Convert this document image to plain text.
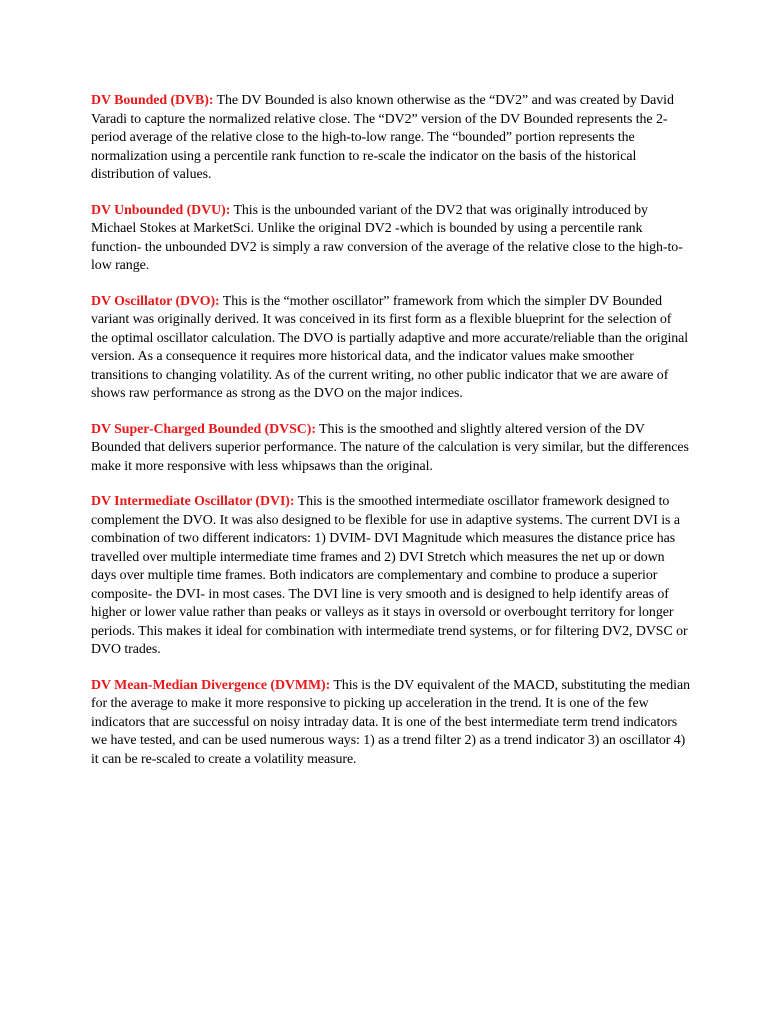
DV Bounded (DVB): The DV Bounded is also known otherwise as the “DV2” and was created by David Varadi to capture the normalized relative close. The “DV2” version of the DV Bounded represents the 2-period average of the relative close to the high-to-low range. The “bounded” portion represents the normalization using a percentile rank function to re-scale the indicator on the basis of the historical distribution of values.

DV Unbounded (DVU): This is the unbounded variant of the DV2 that was originally introduced by Michael Stokes at MarketSci. Unlike the original DV2 -which is bounded by using a percentile rank function- the unbounded DV2 is simply a raw conversion of the average of the relative close to the high-to-low range.

DV Oscillator (DVO): This is the “mother oscillator” framework from which the simpler DV Bounded variant was originally derived. It was conceived in its first form as a flexible blueprint for the selection of the optimal oscillator calculation. The DVO is partially adaptive and more accurate/reliable than the original version. As a consequence it requires more historical data, and the indicator values make smoother transitions to changing volatility. As of the current writing, no other public indicator that we are aware of shows raw performance as strong as the DVO on the major indices.

DV Super-Charged Bounded (DVSC): This is the smoothed and slightly altered version of the DV Bounded that delivers superior performance. The nature of the calculation is very similar, but the differences make it more responsive with less whipsaws than the original.

DV Intermediate Oscillator (DVI): This is the smoothed intermediate oscillator framework designed to complement the DVO. It was also designed to be flexible for use in adaptive systems. The current DVI is a combination of two different indicators: 1) DVIM- DVI Magnitude which measures the distance price has travelled over multiple intermediate time frames and 2) DVI Stretch which measures the net up or down days over multiple time frames. Both indicators are complementary and combine to produce a superior composite- the DVI- in most cases. The DVI line is very smooth and is designed to help identify areas of higher or lower value rather than peaks or valleys as it stays in oversold or overbought territory for longer periods. This makes it ideal for combination with intermediate trend systems, or for filtering DV2, DVSC or DVO trades.

DV Mean-Median Divergence (DVMM): This is the DV equivalent of the MACD, substituting the median for the average to make it more responsive to picking up acceleration in the trend. It is one of the few indicators that are successful on noisy intraday data. It is one of the best intermediate term trend indicators we have tested, and can be used numerous ways: 1) as a trend filter 2) as a trend indicator 3) an oscillator 4) it can be re-scaled to create a volatility measure.
